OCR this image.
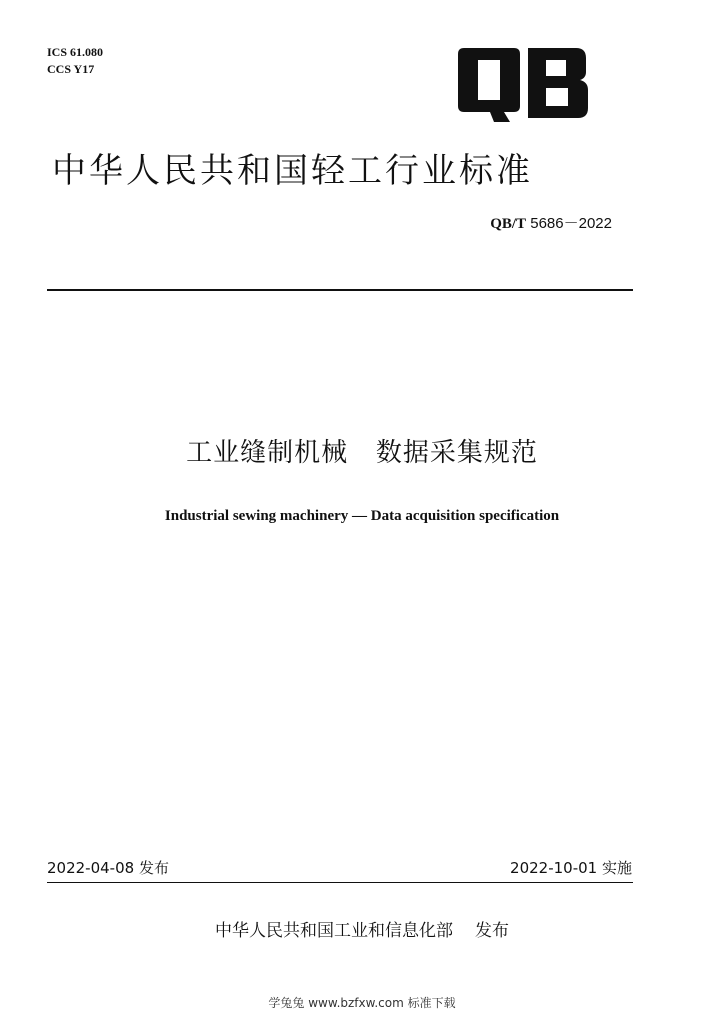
ICS 61.080
CCS Y17
中华人民共和国轻工行业标准
QB/T 5686－2022
工业缝制机械   数据采集规范
Industrial sewing machinery — Data acquisition specification
2022-04-08 发布	2022-10-01 实施
中华人民共和国工业和信息化部 发布
学兔兔 www.bzfxw.com 标准下载
